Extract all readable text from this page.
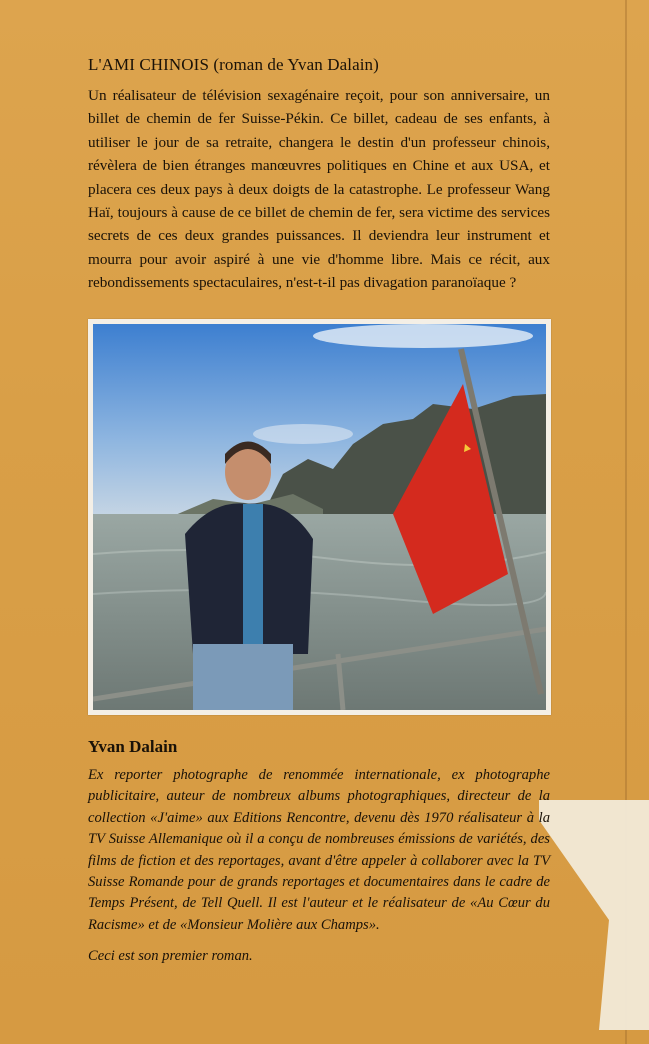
L'AMI CHINOIS (roman de Yvan Dalain)

Un réalisateur de télévision sexagénaire reçoit, pour son anniversaire, un billet de chemin de fer Suisse-Pékin. Ce billet, cadeau de ses enfants, à utiliser le jour de sa retraite, changera le destin d'un professeur chinois, révèlera de bien étranges manœuvres politiques en Chine et aux USA, et placera ces deux pays à deux doigts de la catastrophe. Le professeur Wang Haï, toujours à cause de ce billet de chemin de fer, sera victime des services secrets de ces deux grandes puissances. Il deviendra leur instrument et mourra pour avoir aspiré à une vie d'homme libre. Mais ce récit, aux rebondissements spectaculaires, n'est-t-il pas divagation paranoïaque ?

Yvan Dalain

Ex reporter photographe de renommée internationale, ex photographe publicitaire, auteur de nombreux albums photographiques, directeur de la collection «J'aime» aux Editions Rencontre, devenu dès 1970 réalisateur à la TV Suisse Allemanique où il a conçu de nombreuses émissions de variétés, des films de fiction et des reportages, avant d'être appeler à collaborer avec la TV Suisse Romande pour de grands reportages et documentaires dans le cadre de Temps Présent, de Tell Quell. Il est l'auteur et le réalisateur de «Au Cœur du Racisme» et de «Monsieur Molière aux Champs».

Ceci est son premier roman.
